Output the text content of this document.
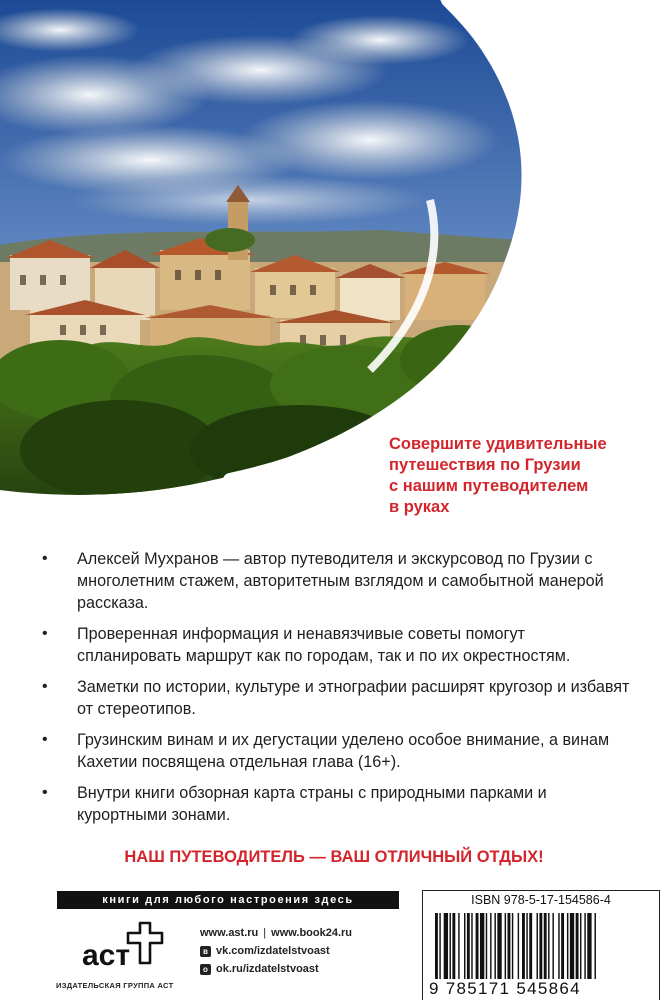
Совершите удивительные
путешествия по Грузии
с нашим путеводителем
в руках
• Алексей Мухранов — автор путеводителя и экскурсовод по Грузии с многолетним стажем, авторитетным взглядом и самобытной манерой рассказа.
• Проверенная информация и ненавязчивые советы помогут спланировать маршрут как по городам, так и по их окрестностям.
• Заметки по истории, культуре и этнографии расширят кругозор и избавят от стереотипов.
• Грузинским винам и их дегустации уделено особое внимание, а винам Кахетии посвящена отдельная глава (16+).
• Внутри книги обзорная карта страны с природными парками и курортными зонами.
НАШ ПУТЕВОДИТЕЛЬ — ВАШ ОТЛИЧНЫЙ ОТДЫХ!
книги для любого настроения здесь
аст
ИЗДАТЕЛЬСКАЯ ГРУППА АСТ
www.ast.ru | www.book24.ru
в vk.com/izdatelstvoast
о ok.ru/izdatelstvoast
ISBN 978-5-17-154586-4
9 785171 545864
